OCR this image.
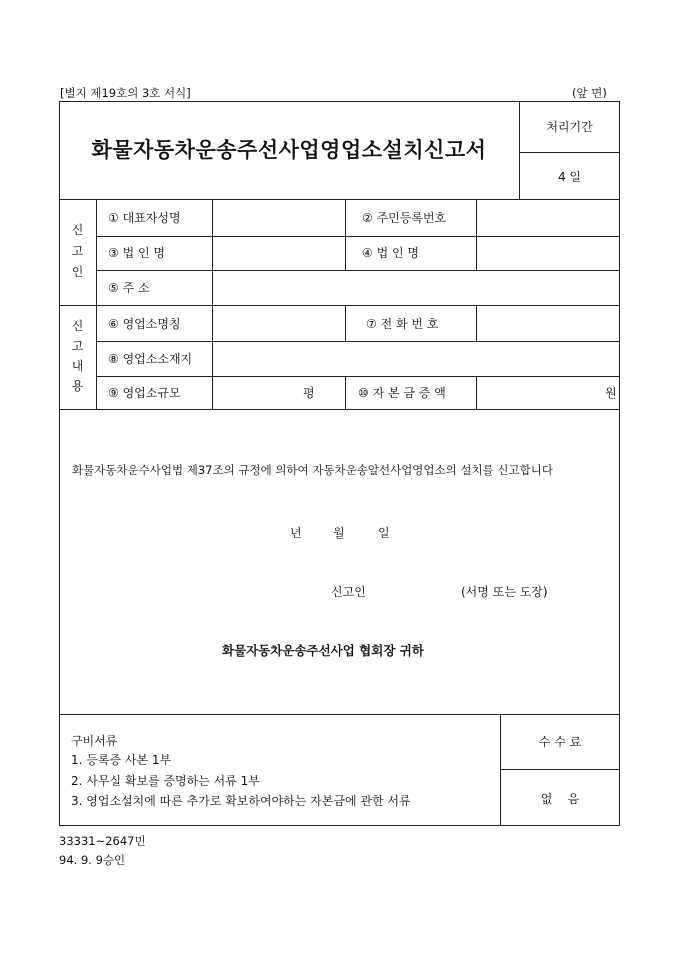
[별지 제19호의 3호 서식]	(앞 면)
화물자동차운송주선사업영업소설치신고서
처리기간
4 일
신
고
인
① 대표자성명	② 주민등록번호
③ 법 인 명	④ 법 인 명
⑤ 주 소
신
고
내
용
⑥ 영업소명칭	⑦ 전 화 번 호
⑧ 영업소소재지
⑨ 영업소규모	평	⑩ 자 본 금 증 액	원
화물자동차운수사업법 제37조의 규정에 의하여 자동차운송알선사업영업소의 설치를 신고합니다
년	월	일
신고인	(서명 또는 도장)
화물자동차운송주선사업 협회장 귀하
구비서류
1. 등록증 사본 1부
2. 사무실 확보를 증명하는 서류 1부
3. 영업소설치에 따른 추가로 확보하여야하는 자본금에 관한 서류
수 수 료
없    음
33331~2647민
94. 9. 9승인
